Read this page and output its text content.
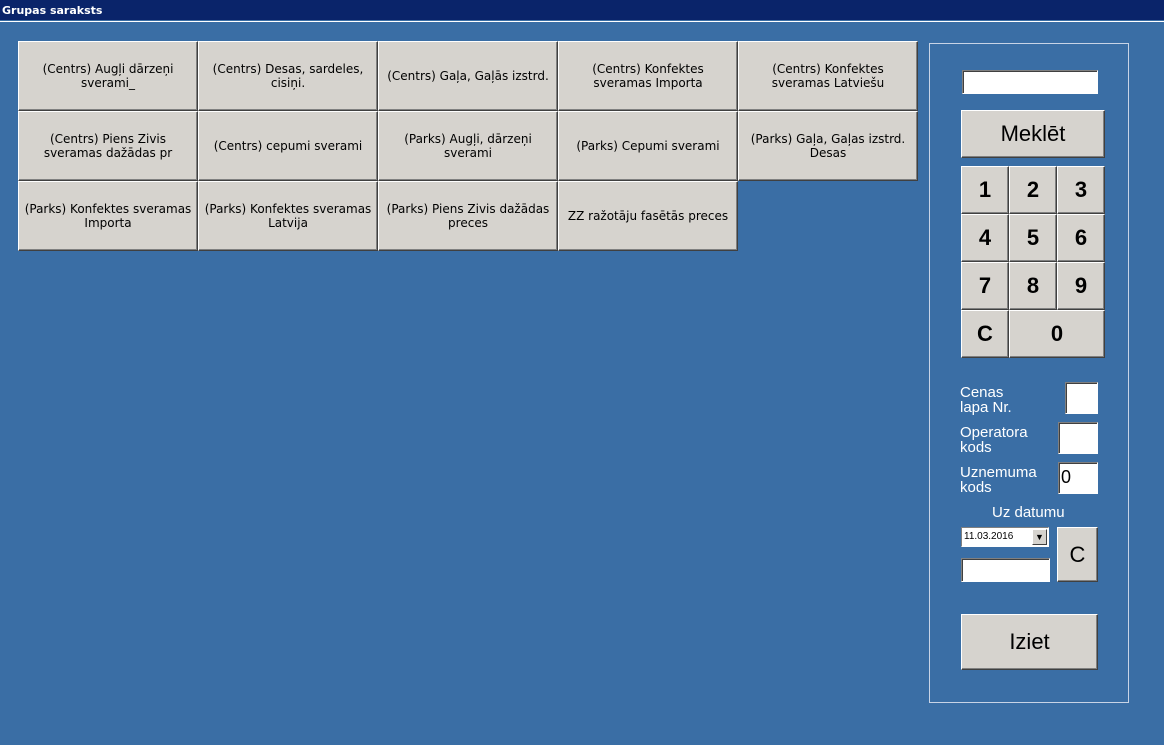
Grupas saraksts
(Centrs) Augļi dārzeņi sverami_
(Centrs) Desas, sardeles, cisiņi.	(Centrs) Gaļa, Gaļās izstrd.	(Centrs) Konfektes sveramas Importa
(Centrs) Konfektes sveramas Latviešu
(Centrs) Piens Zivis sveramas dažādas pr	(Centrs) cepumi sverami	(Parks) Augļi, dārzeņi sverami	(Parks) Cepumi sverami	(Parks) Gaļa, Gaļas izstrd. Desas
(Parks) Konfektes sveramas Importa
(Parks) Konfektes sveramas Latvija
(Parks) Piens Zivis dažādas preces	ZZ ražotāju fasētās preces
Meklēt
1	2	3
4	5	6
7	8	9
C	0
Cenas
lapa Nr.
Operatora
kods
Uznemuma
kods
0
Uz datumu
11.03.2016	▼
C
Iziet
